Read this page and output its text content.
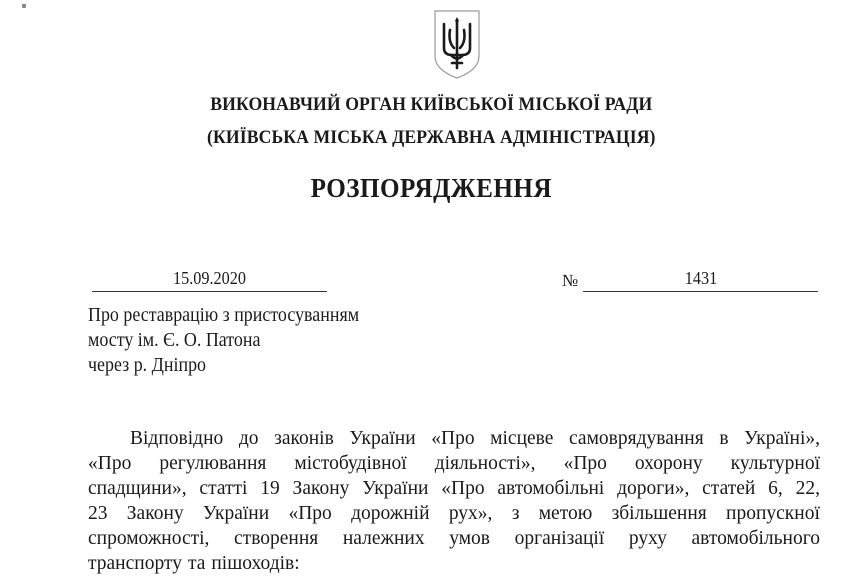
ВИКОНАВЧИЙ ОРГАН КИЇВСЬКОЇ МІСЬКОЇ РАДИ
(КИЇВСЬКА МІСЬКА ДЕРЖАВНА АДМІНІСТРАЦІЯ)
РОЗПОРЯДЖЕННЯ
15.09.2020	№	1431
Про реставрацію з пристосуванням
мосту ім. Є. О. Патона
через р. Дніпро
Відповідно до законів України «Про місцеве самоврядування в Україні»,
«Про регулювання містобудівної діяльності», «Про охорону культурної
спадщини», статті 19 Закону України «Про автомобільні дороги», статей 6, 22,
23 Закону України «Про дорожній рух», з метою збільшення пропускної
спроможності, створення належних умов організації руху автомобільного
транспорту та пішоходів:
